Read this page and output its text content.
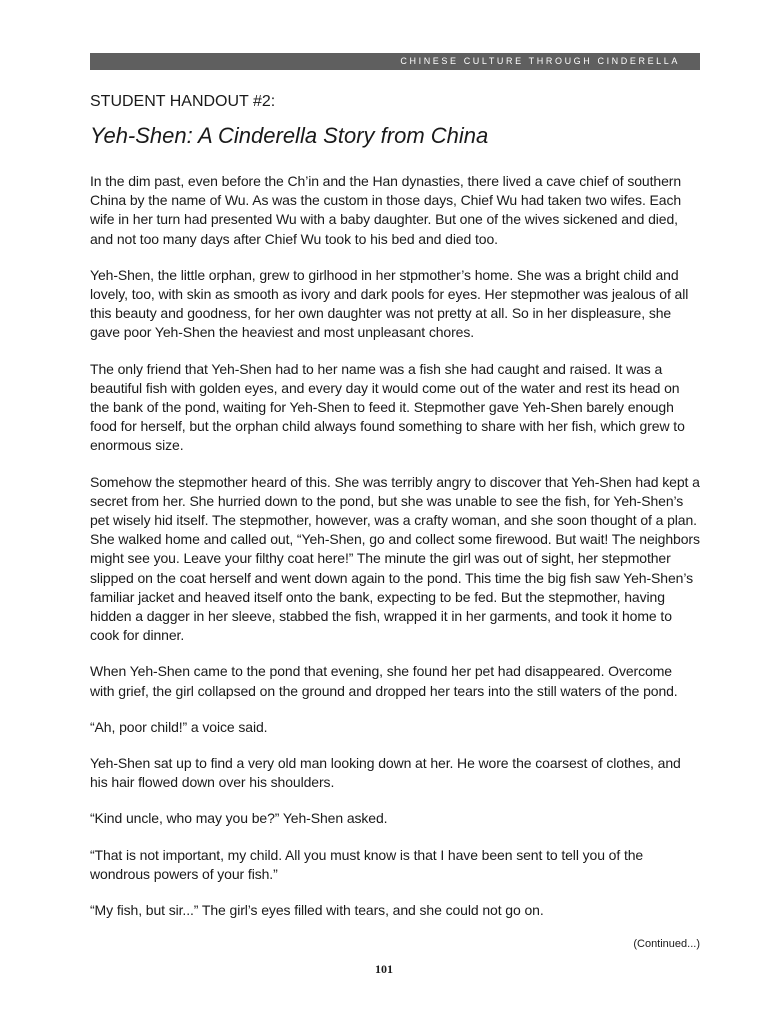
CHINESE CULTURE THROUGH CINDERELLA
STUDENT HANDOUT #2:
Yeh-Shen: A Cinderella Story from China

In the dim past, even before the Ch’in and the Han dynasties, there lived a cave chief of southern China by the name of Wu. As was the custom in those days, Chief Wu had taken two wifes. Each wife in her turn had presented Wu with a baby daughter. But one of the wives sickened and died, and not too many days after Chief Wu took to his bed and died too.

Yeh-Shen, the little orphan, grew to girlhood in her stpmother’s home. She was a bright child and lovely, too, with skin as smooth as ivory and dark pools for eyes. Her stepmother was jealous of all this beauty and goodness, for her own daughter was not pretty at all. So in her displeasure, she gave poor Yeh-Shen the heaviest and most unpleasant chores.

The only friend that Yeh-Shen had to her name was a fish she had caught and raised. It was a beautiful fish with golden eyes, and every day it would come out of the water and rest its head on the bank of the pond, waiting for Yeh-Shen to feed it. Stepmother gave Yeh-Shen barely enough food for herself, but the orphan child always found something to share with her fish, which grew to enormous size.

Somehow the stepmother heard of this. She was terribly angry to discover that Yeh-Shen had kept a secret from her. She hurried down to the pond, but she was unable to see the fish, for Yeh-Shen’s pet wisely hid itself. The stepmother, however, was a crafty woman, and she soon thought of a plan. She walked home and called out, “Yeh-Shen, go and collect some firewood. But wait! The neighbors might see you. Leave your filthy coat here!” The minute the girl was out of sight, her stepmother slipped on the coat herself and went down again to the pond. This time the big fish saw Yeh-Shen’s familiar jacket and heaved itself onto the bank, expecting to be fed. But the stepmother, having hidden a dagger in her sleeve, stabbed the fish, wrapped it in her garments, and took it home to cook for dinner.

When Yeh-Shen came to the pond that evening, she found her pet had disappeared. Overcome with grief, the girl collapsed on the ground and dropped her tears into the still waters of the pond.

“Ah, poor child!” a voice said.

Yeh-Shen sat up to find a very old man looking down at her. He wore the coarsest of clothes, and his hair flowed down over his shoulders.

“Kind uncle, who may you be?” Yeh-Shen asked.

“That is not important, my child. All you must know is that I have been sent to tell you of the wondrous powers of your fish.”

“My fish, but sir...” The girl’s eyes filled with tears, and she could not go on.

(Continued...)
101
